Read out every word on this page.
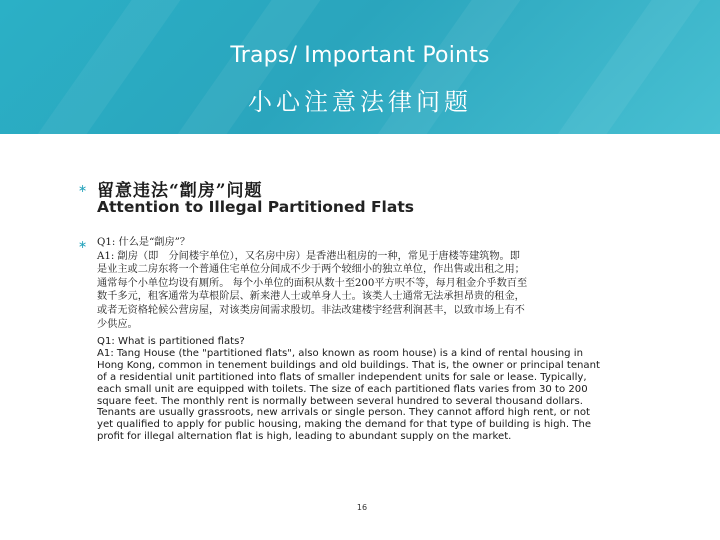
Traps/ Important Points
小心注意法律问题
∗ 留意违法“劏房”问题
Attention to Illegal Partitioned Flats
∗ Q1: 什么是“劏房”？

A1: 劏房（即　分间楼宇单位），又名房中房）是香港出租房的一种，常见于唐楼等建筑物。即

是业主或二房东将一个普通住宅单位分间成不少于两个较细小的独立单位，作出售或出租之用；

通常每个小单位均设有厕所。 每个小单位的面积从数十至200平方呎不等，每月租金介乎数百至

数千多元，租客通常为草根阶层、新来港人士或单身人士。该类人士通常无法承担昂贵的租金，

或者无资格轮候公营房屋，对该类房间需求殷切。非法改建楼宇经营利润甚丰，以致市场上有不

少供应。

Q1: What is partitioned flats?

A1: Tang House (the "partitioned flats", also known as room house) is a kind of rental housing in

Hong Kong, common in tenement buildings and old buildings. That is, the owner or principal tenant

of a residential unit partitioned into flats of smaller independent units for sale or lease. Typically,

each small unit are equipped with toilets. The size of each partitioned flats varies from 30 to 200

square feet. The monthly rent is normally between several hundred to several thousand dollars.

Tenants are usually grassroots, new arrivals or single person. They cannot afford high rent, or not

yet qualified to apply for public housing, making the demand for that type of building is high. The

profit for illegal alternation flat is high, leading to abundant supply on the market.

16
